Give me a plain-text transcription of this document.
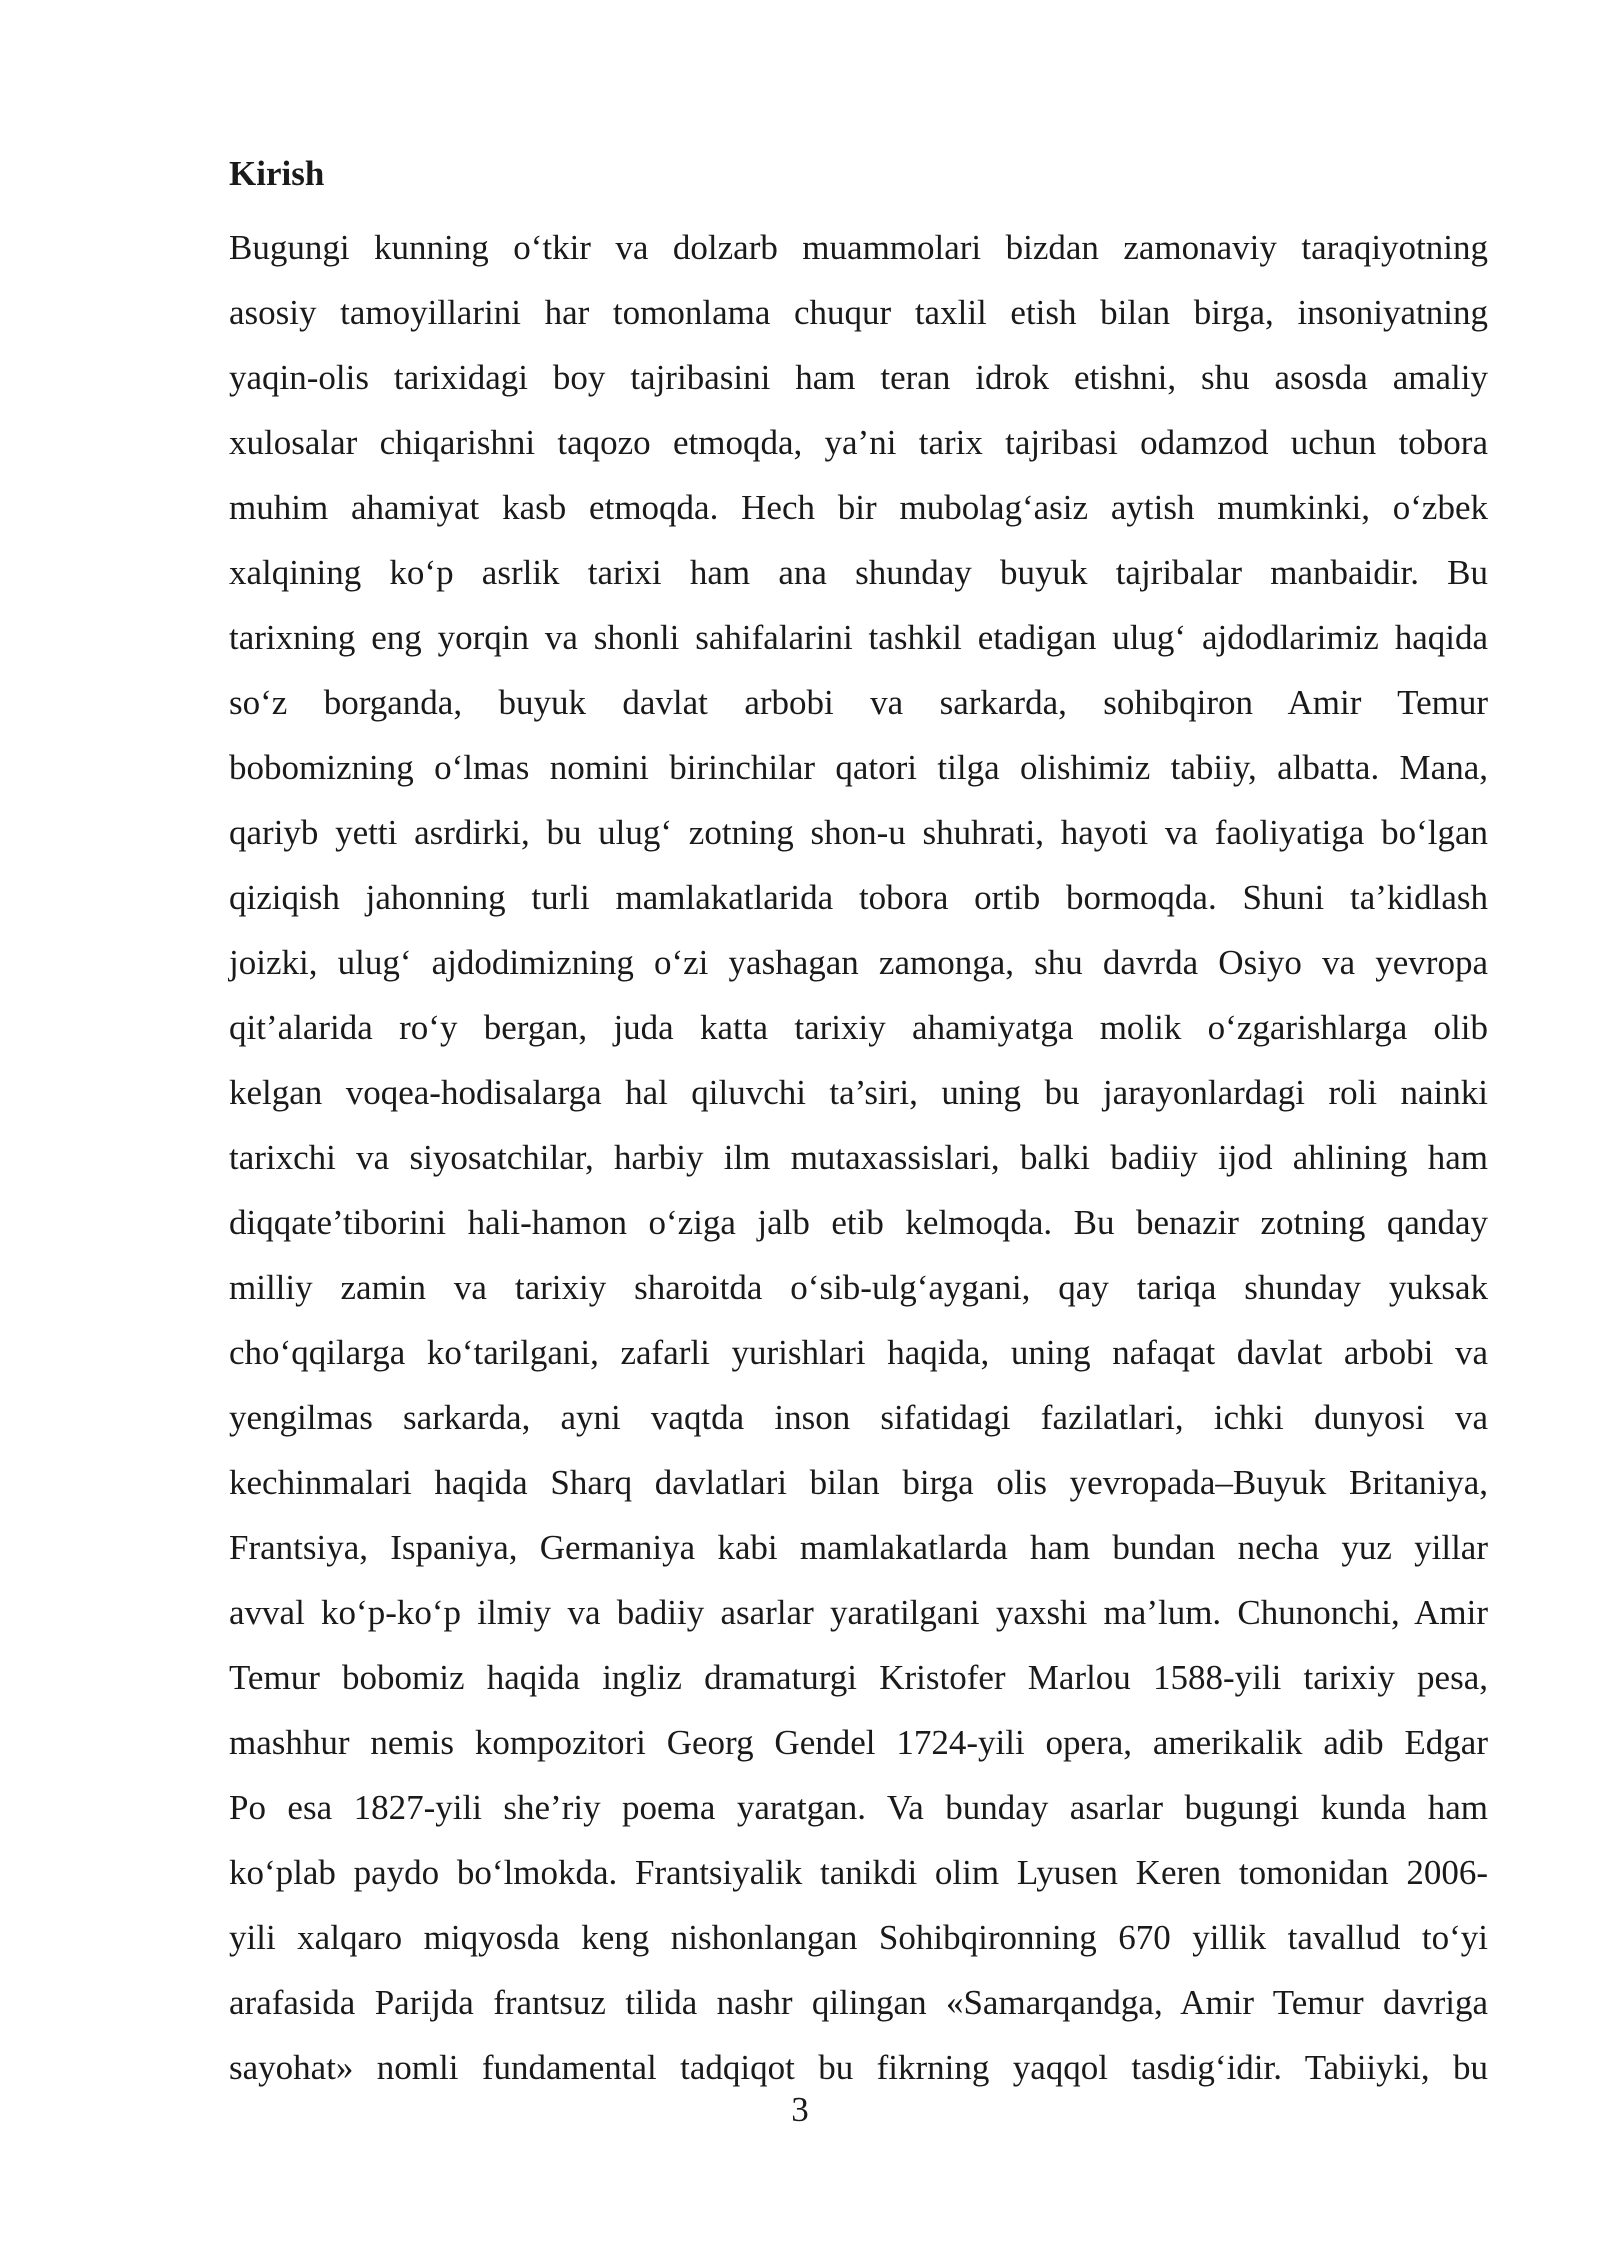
Kirish
Bugungi kunning o‘tkir va dolzarb muammolari bizdan zamonaviy taraqiyotning
asosiy tamoyillarini har tomonlama chuqur taxlil etish bilan birga, insoniyatning
yaqin-olis tarixidagi boy tajribasini ham teran idrok etishni, shu asosda amaliy
xulosalar chiqarishni taqozo etmoqda, ya’ni tarix tajribasi odamzod uchun tobora
muhim ahamiyat kasb etmoqda. Hech bir mubolag‘asiz aytish mumkinki, o‘zbek
xalqining ko‘p asrlik tarixi ham ana shunday buyuk tajribalar manbaidir. Bu
tarixning eng yorqin va shonli sahifalarini tashkil etadigan ulug‘ ajdodlarimiz haqida
so‘z borganda, buyuk davlat arbobi va sarkarda, sohibqiron Amir Temur
bobomizning o‘lmas nomini birinchilar qatori tilga olishimiz tabiiy, albatta. Mana,
qariyb yetti asrdirki, bu ulug‘ zotning shon-u shuhrati, hayoti va faoliyatiga bo‘lgan
qiziqish jahonning turli mamlakatlarida tobora ortib bormoqda. Shuni ta’kidlash
joizki, ulug‘ ajdodimizning o‘zi yashagan zamonga, shu davrda Osiyo va yevropa
qit’alarida ro‘y bergan, juda katta tarixiy ahamiyatga molik o‘zgarishlarga olib
kelgan voqea-hodisalarga hal qiluvchi ta’siri, uning bu jarayonlardagi roli nainki
tarixchi va siyosatchilar, harbiy ilm mutaxassislari, balki badiiy ijod ahlining ham
diqqate’tiborini hali-hamon o‘ziga jalb etib kelmoqda. Bu benazir zotning qanday
milliy zamin va tarixiy sharoitda o‘sib-ulg‘aygani, qay tariqa shunday yuksak
cho‘qqilarga ko‘tarilgani, zafarli yurishlari haqida, uning nafaqat davlat arbobi va
yengilmas sarkarda, ayni vaqtda inson sifatidagi fazilatlari, ichki dunyosi va
kechinmalari haqida Sharq davlatlari bilan birga olis yevropada–Buyuk Britaniya,
Frantsiya, Ispaniya, Germaniya kabi mamlakatlarda ham bundan necha yuz yillar
avval ko‘p-ko‘p ilmiy va badiiy asarlar yaratilgani yaxshi ma’lum. Chunonchi, Amir
Temur bobomiz haqida ingliz dramaturgi Kristofer Marlou 1588-yili tarixiy pesa,
mashhur nemis kompozitori Georg Gendel 1724-yili opera, amerikalik adib Edgar
Po esa 1827-yili she’riy poema yaratgan. Va bunday asarlar bugungi kunda ham
ko‘plab paydo bo‘lmokda. Frantsiyalik tanikdi olim Lyusen Keren tomonidan 2006-
yili xalqaro miqyosda keng nishonlangan Sohibqironning 670 yillik tavallud to‘yi
arafasida Parijda frantsuz tilida nashr qilingan «Samarqandga, Amir Temur davriga
sayohat» nomli fundamental tadqiqot bu fikrning yaqqol tasdig‘idir. Tabiiyki, bu
3
